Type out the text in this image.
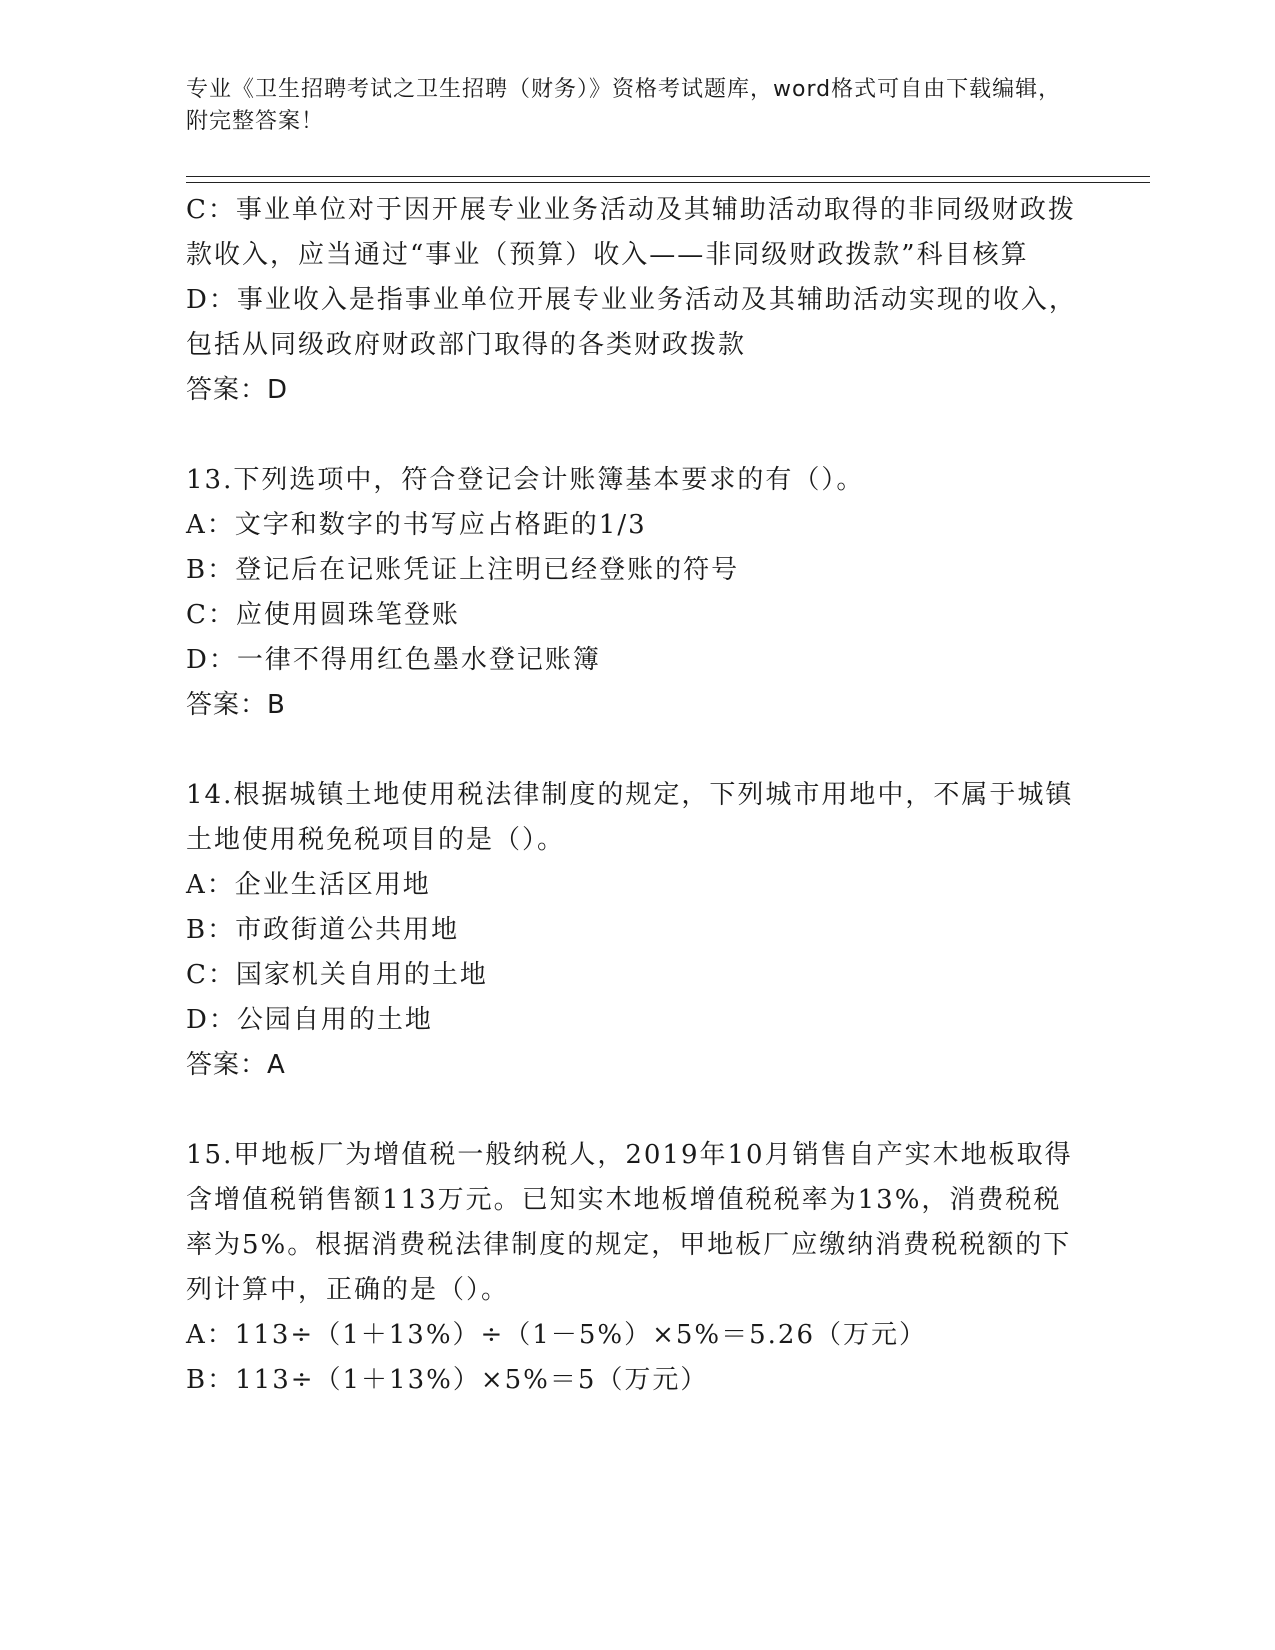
专业《卫生招聘考试之卫生招聘（财务）》资格考试题库，word格式可自由下载编辑，附完整答案！

C：事业单位对于因开展专业业务活动及其辅助活动取得的非同级财政拨款收入，应当通过“事业（预算）收入——非同级财政拨款”科目核算

D：事业收入是指事业单位开展专业业务活动及其辅助活动实现的收入，包括从同级政府财政部门取得的各类财政拨款

答案：D

13.下列选项中，符合登记会计账簿基本要求的有（）。

A：文字和数字的书写应占格距的1/3

B：登记后在记账凭证上注明已经登账的符号

C：应使用圆珠笔登账

D：一律不得用红色墨水登记账簿

答案：B

14.根据城镇土地使用税法律制度的规定，下列城市用地中，不属于城镇土地使用税免税项目的是（）。

A：企业生活区用地

B：市政街道公共用地

C：国家机关自用的土地

D：公园自用的土地

答案：A

15.甲地板厂为增值税一般纳税人，2019年10月销售自产实木地板取得含增值税销售额113万元。已知实木地板增值税税率为13%，消费税税率为5%。根据消费税法律制度的规定，甲地板厂应缴纳消费税税额的下列计算中，正确的是（）。

A：113÷（1＋13%）÷（1－5%）×5%＝5.26（万元）

B：113÷（1＋13%）×5%＝5（万元）
